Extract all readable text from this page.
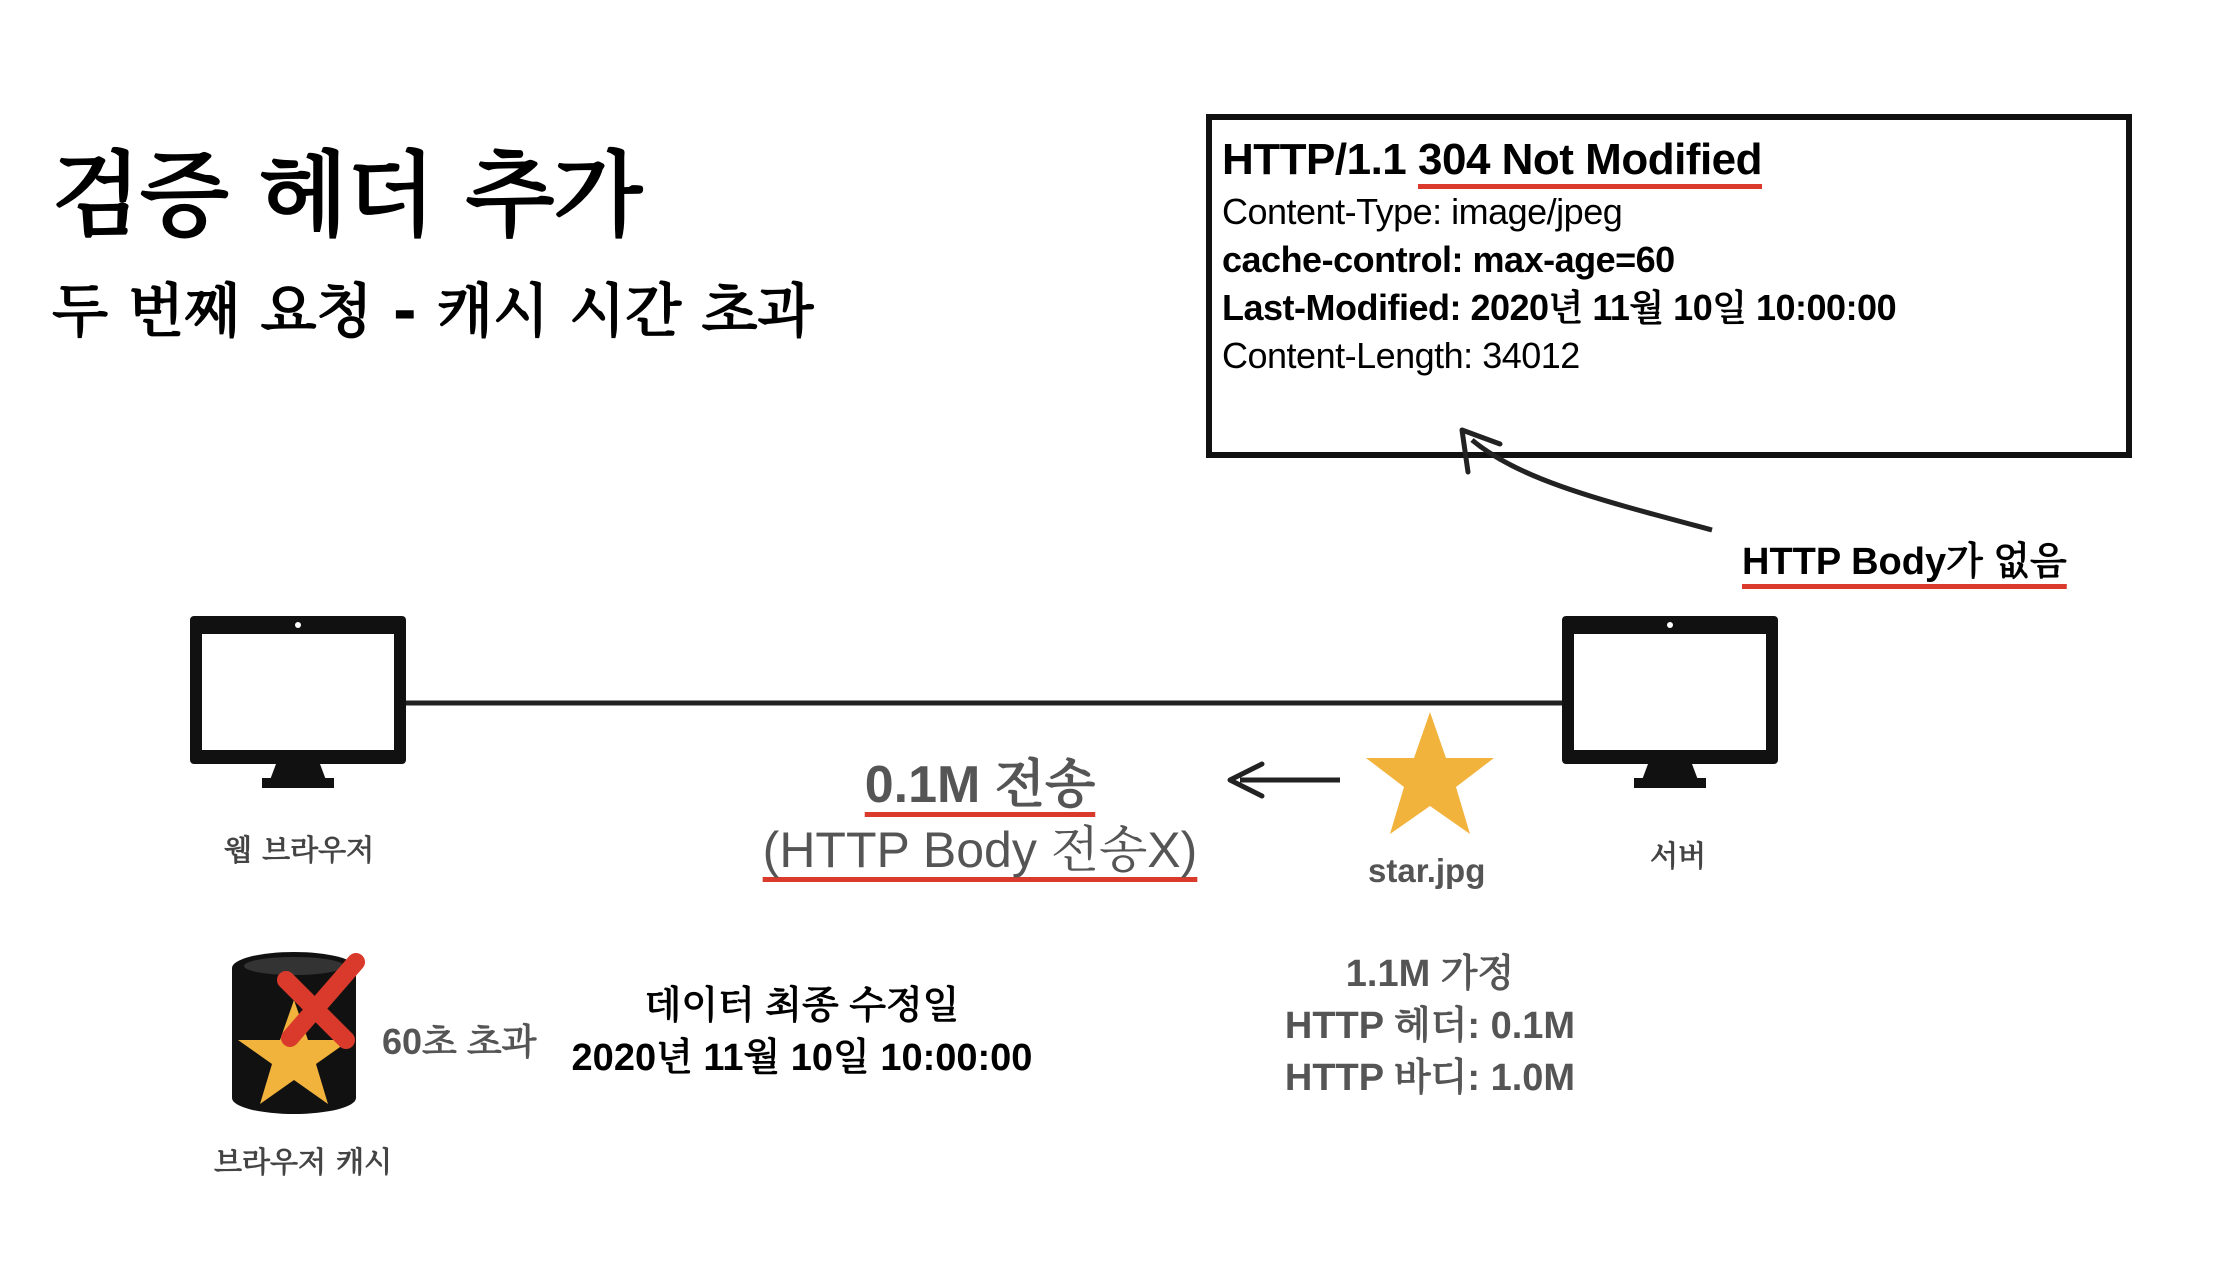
검증 헤더 추가
두 번째 요청 - 캐시 시간 초과
HTTP/1.1 304 Not Modified
Content-Type: image/jpeg
cache-control: max-age=60
Last-Modified: 2020년 11월 10일 10:00:00
Content-Length: 34012
HTTP Body가 없음
0.1M 전송
(HTTP Body 전송X)
웹 브라우저
브라우저 캐시
60초 초과
데이터 최종 수정일
2020년 11월 10일 10:00:00
서버
star.jpg
1.1M 가정
HTTP 헤더: 0.1M
HTTP 바디: 1.0M
